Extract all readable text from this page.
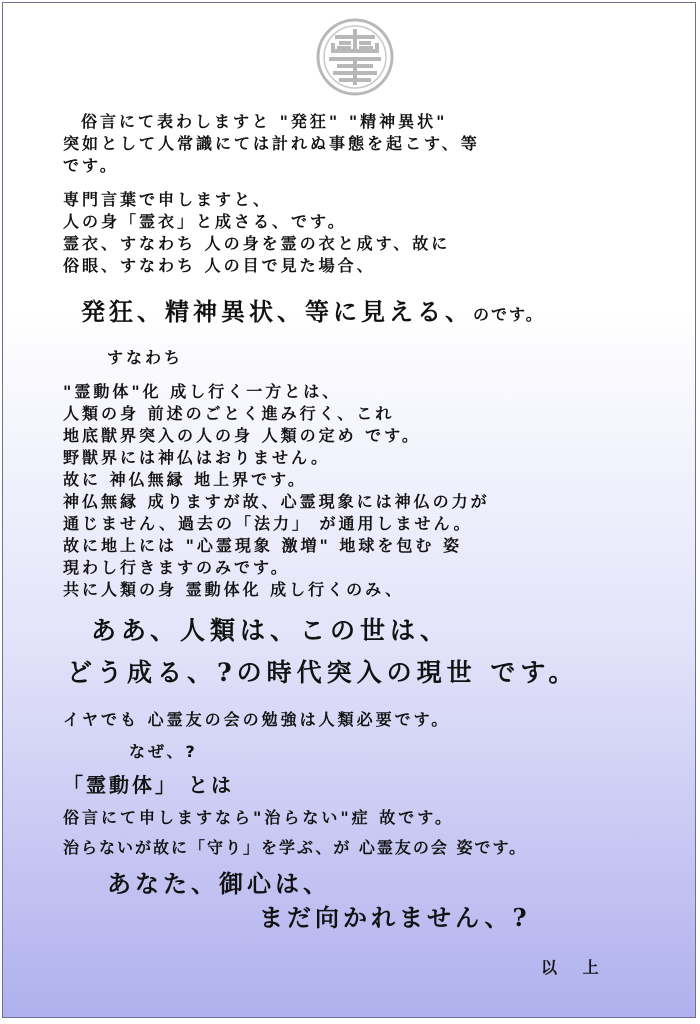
俗言にて表わしますと "発狂" "精神異状"
突如として人常識にては計れぬ事態を起こす、等
です。
専門言葉で申しますと、
人の身「霊衣」と成さる、です。
霊衣、すなわち 人の身を霊の衣と成す、故に
俗眼、すなわち 人の目で見た場合、
発狂、精神異状、等に見える、のです。
すなわち
"霊動体"化 成し行く一方とは、
人類の身 前述のごとく進み行く、これ
地底獣界突入の人の身 人類の定め です。
野獣界には神仏はおりません。
故に 神仏無縁 地上界です。
神仏無縁 成りますが故、心霊現象には神仏の力が
通じません、過去の「法力」 が通用しません。
故に地上には "心霊現象 激増" 地球を包む 姿
現わし行きますのみです。
共に人類の身 霊動体化 成し行くのみ、
ああ、人類は、この世は、
どう成る、?の時代突入の現世 です。
イヤでも 心霊友の会の勉強は人類必要です。
なぜ、?
「霊動体」 とは
俗言にて申しますなら"治らない"症 故です。
治らないが故に「守り」を学ぶ、が 心霊友の会 姿です。
あなた、御心は、
まだ向かれません、?
以 上
